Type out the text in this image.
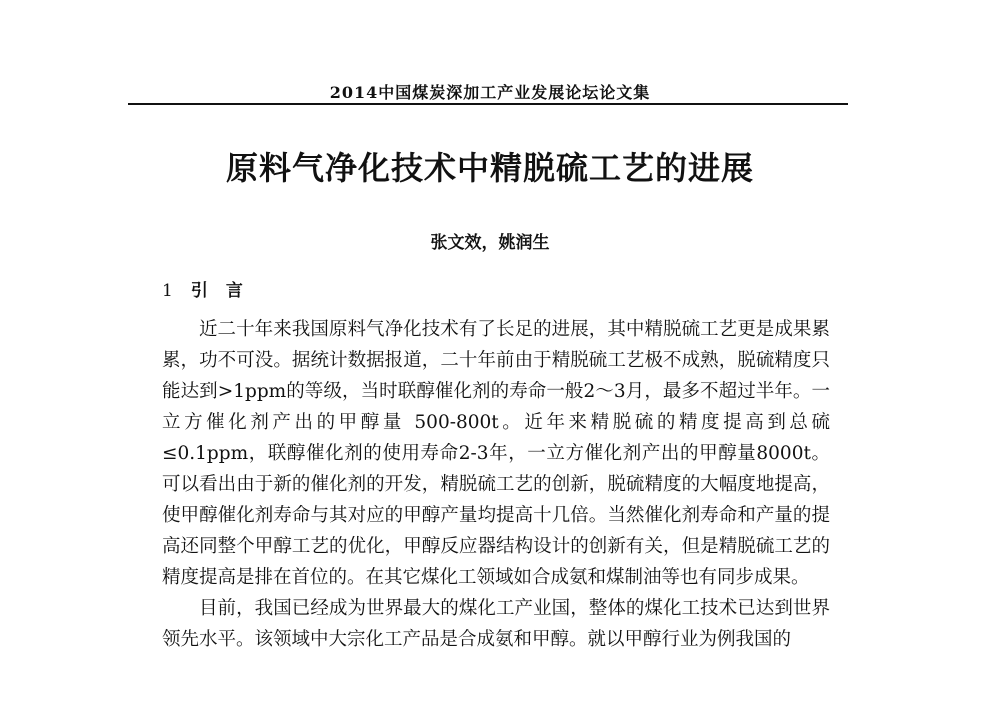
2014中国煤炭深加工产业发展论坛论文集
原料气净化技术中精脱硫工艺的进展
张文效，姚润生
1 引言

近二十年来我国原料气净化技术有了长足的进展，其中精脱硫工艺更是成果累累，功不可没。据统计数据报道，二十年前由于精脱硫工艺极不成熟，脱硫精度只能达到>1ppm的等级，当时联醇催化剂的寿命一般2～3月，最多不超过半年。一立方催化剂产出的甲醇量 500-800t。近年来精脱硫的精度提高到总硫≤0.1ppm，联醇催化剂的使用寿命2-3年，一立方催化剂产出的甲醇量8000t。可以看出由于新的催化剂的开发，精脱硫工艺的创新，脱硫精度的大幅度地提高，使甲醇催化剂寿命与其对应的甲醇产量均提高十几倍。当然催化剂寿命和产量的提高还同整个甲醇工艺的优化，甲醇反应器结构设计的创新有关，但是精脱硫工艺的精度提高是排在首位的。在其它煤化工领域如合成氨和煤制油等也有同步成果。

目前，我国已经成为世界最大的煤化工产业国，整体的煤化工技术已达到世界领先水平。该领域中大宗化工产品是合成氨和甲醇。就以甲醇行业为例我国的
